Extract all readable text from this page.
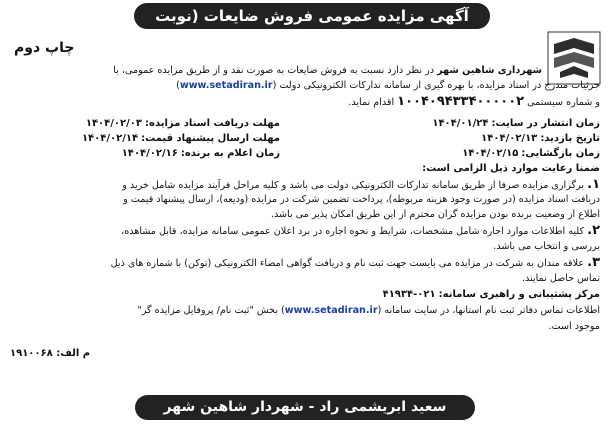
آگهی مزایده عمومی فروش ضایعات (نوبت سوم)
چاپ دوم
شهرداری شاهین شهر در نظر دارد نسبت به فروش ضایعات به صورت نقد و از طریق مزایده عمومی، با
جزئیات مندرج در اسناد مزایده، با بهره گیری از سامانه تدارکات الکترونیکی دولت (www.setadiran.ir)
و شماره سیستمی ۱۰۰۴۰۹۴۳۳۴۰۰۰۰۰۲ اقدام نماید.
زمان انتشار در سایت: ۱۴۰۴/۰۱/۲۴
تاریخ بازدید: ۱۴۰۴/۰۲/۱۳
زمان بازگشایی: ۱۴۰۴/۰۲/۱۵
مهلت دریافت اسناد مزایده: ۱۴۰۴/۰۲/۰۳
مهلت ارسال پیشنهاد قیمت: ۱۴۰۴/۰۲/۱۴
زمان اعلام به برنده: ۱۴۰۴/۰۲/۱۶
ضمنا رعایت موارد ذیل الزامی است:
۱. برگزاری مزایده صرفا از طریق سامانه تدارکات الکترونیکی دولت می باشد و کلیه مراحل فرآیند مزایده شامل خرید و
دریافت اسناد مزایده (در صورت وجود هزینه مربوطه)، پرداخت تضمین شرکت در مزایده (ودیعه)، ارسال پیشنهاد قیمت و
اطلاع از وضعیت برنده بودن مزایده گران محترم از این طریق امکان پذیر می باشد.
۲. کلیه اطلاعات موارد اجاره شامل مشخصات، شرایط و نحوه اجاره در برد اعلان عمومی سامانه مزایده، قابل مشاهده،
بررسی و انتخاب می باشد.
۳. علاقه مندان به شرکت در مزایده می بایست جهت ثبت نام و دریافت گواهی امضاء الکترونیکی (توکن) با شماره های ذیل
تماس حاصل نمایند.
مرکز پشتیبانی و راهبری سامانه: ۰۲۱-۴۱۹۳۴
اطلاعات تماس دفاتر ثبت نام استانها، در سایت سامانه (www.setadiran.ir) بخش "ثبت نام/ پروفایل مزایده گر"
موجود است.
م الف: ۱۹۱۰۰۶۸
سعید ابریشمی راد - شهردار شاهین شهر
